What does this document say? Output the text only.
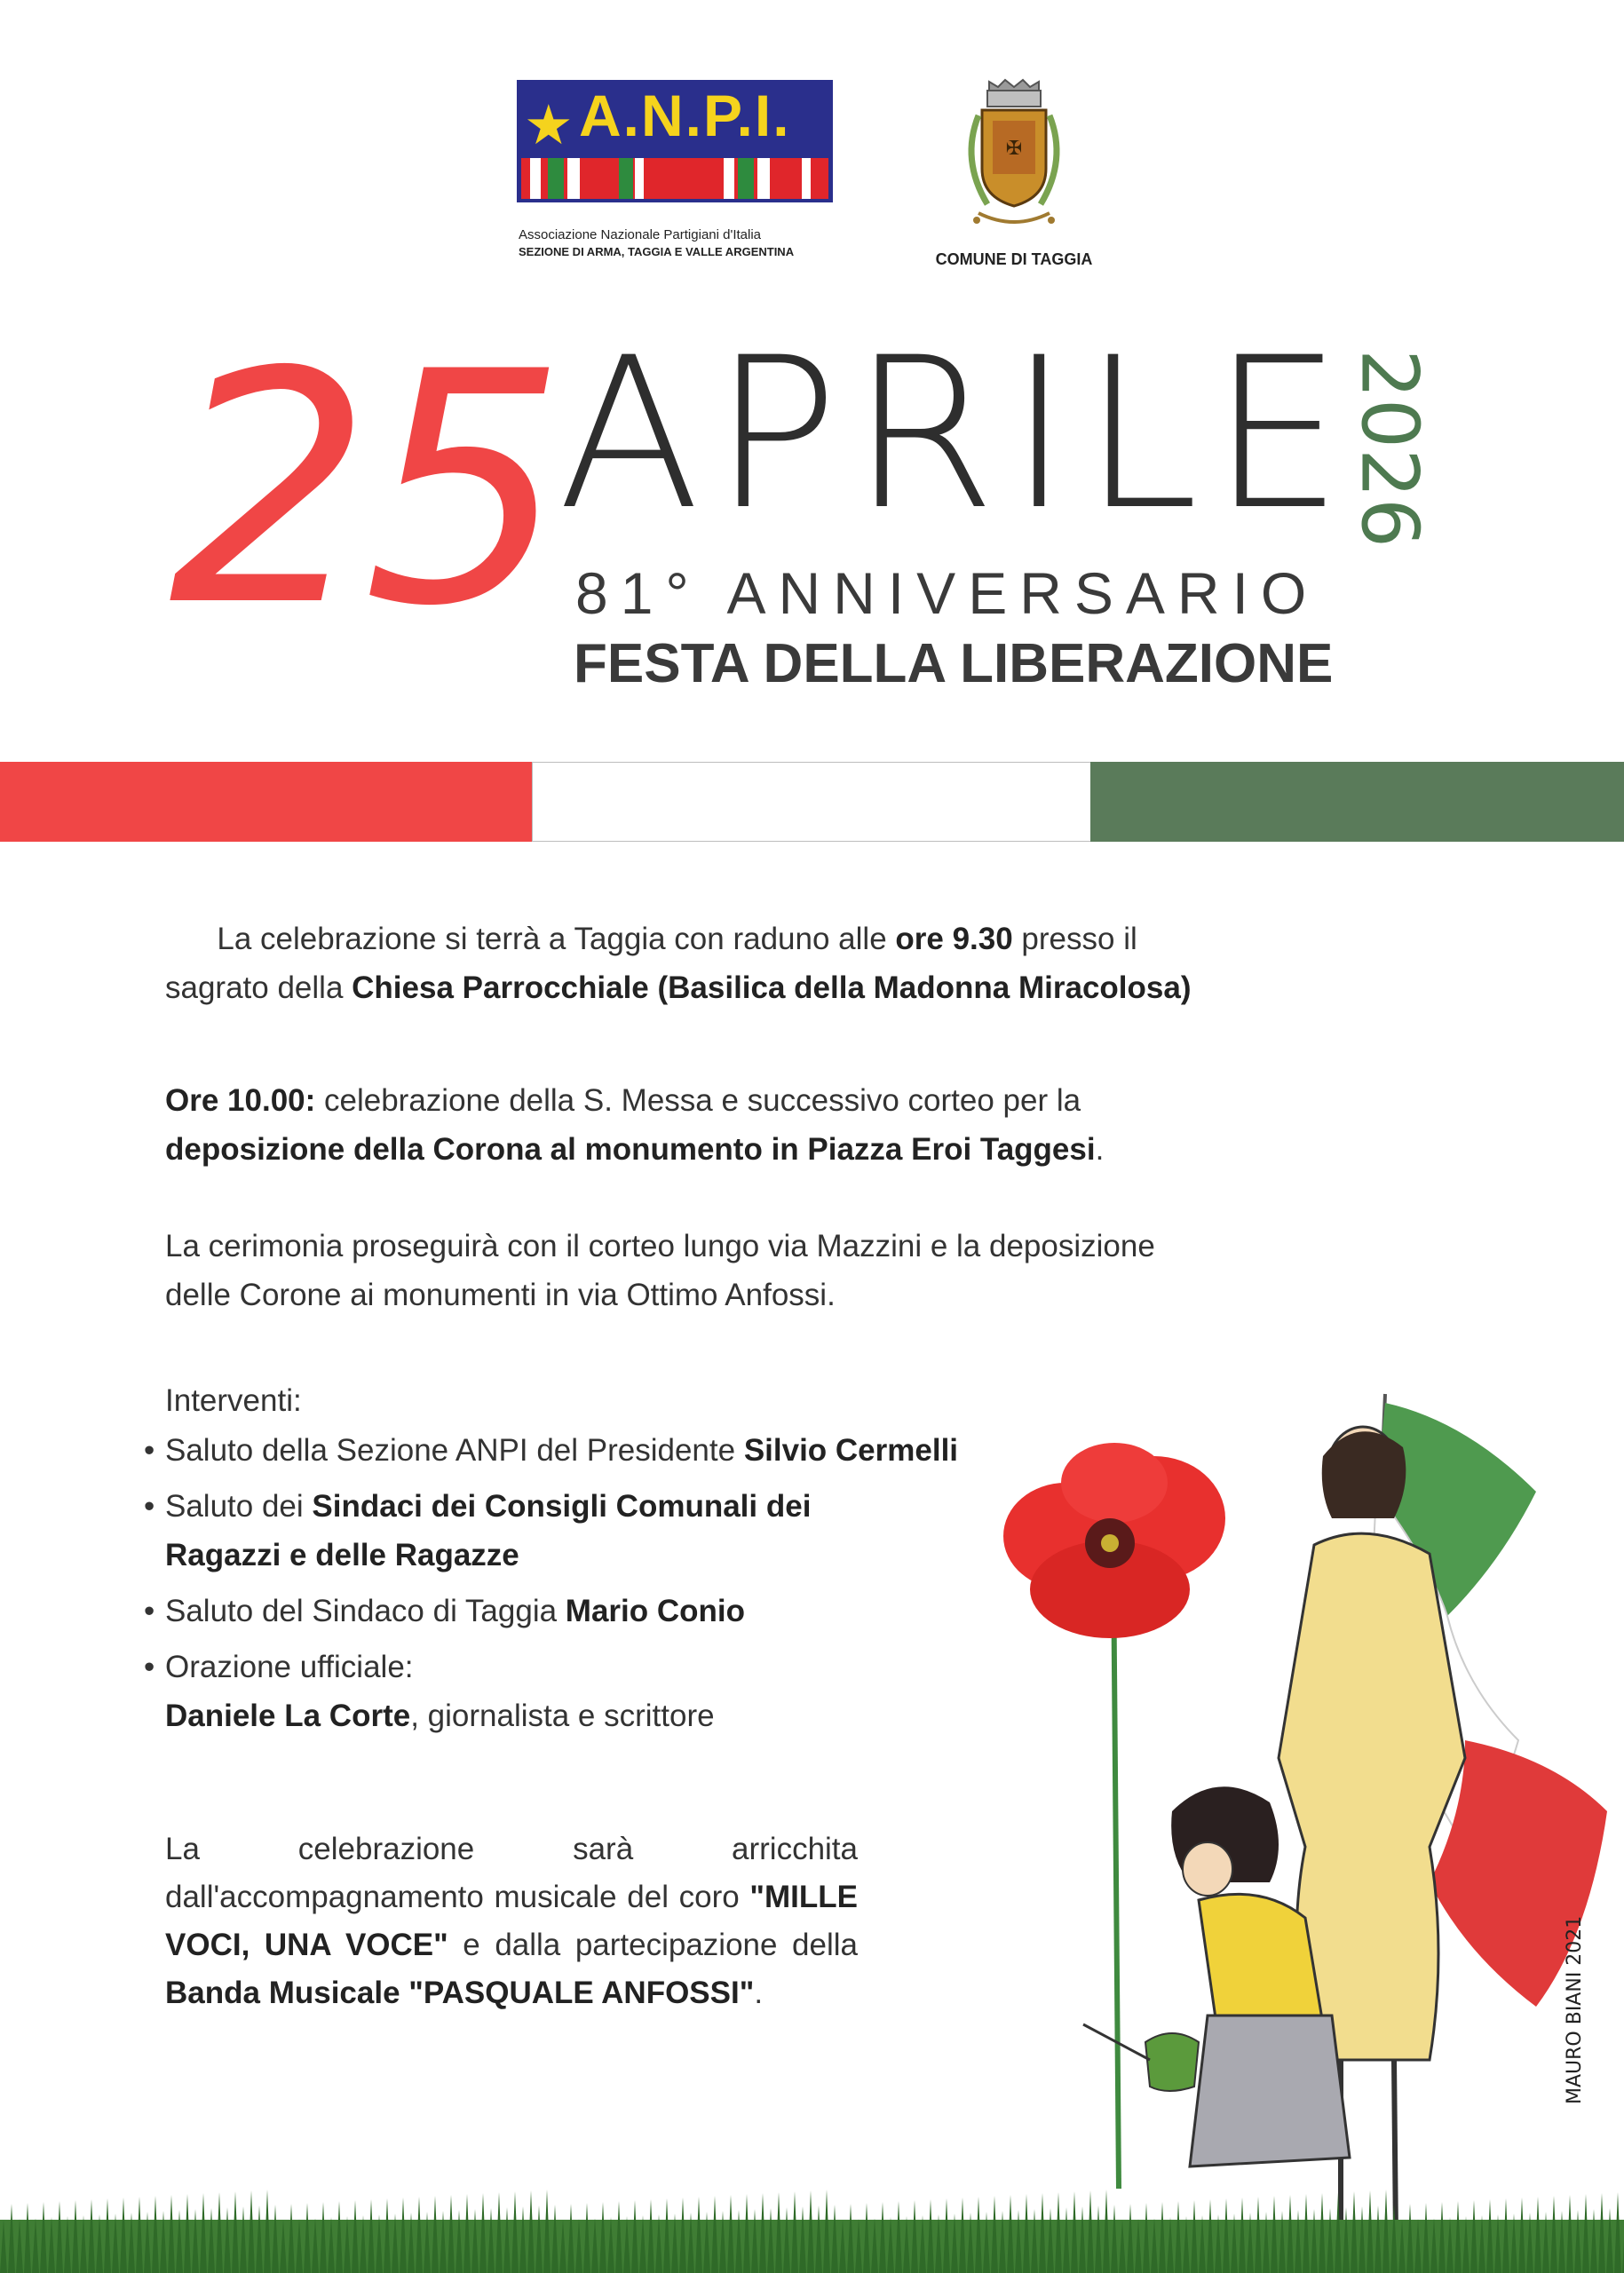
★ A.N.P.I.
Associazione Nazionale Partigiani d'Italia
SEZIONE DI ARMA, TAGGIA E VALLE ARGENTINA
✠
COMUNE DI TAGGIA
25 APRILE
2026
81° ANNIVERSARIO
FESTA DELLA LIBERAZIONE
La celebrazione si terrà a Taggia con raduno alle ore 9.30 presso il
sagrato della Chiesa Parrocchiale (Basilica della Madonna Miracolosa)
Ore 10.00: celebrazione della S. Messa e successivo corteo per la
deposizione della Corona al monumento in Piazza Eroi Taggesi.
La cerimonia proseguirà con il corteo lungo via Mazzini e la deposizione
delle Corone ai monumenti in via Ottimo Anfossi.
Interventi:
• Saluto della Sezione ANPI del Presidente Silvio Cermelli
• Saluto dei Sindaci dei Consigli Comunali dei
Ragazzi e delle Ragazze
• Saluto del Sindaco di Taggia Mario Conio
• Orazione ufficiale:
Daniele La Corte, giornalista e scrittore
La celebrazione sarà arricchita dall'accompagnamento musicale del coro "MILLE VOCI, UNA VOCE" e dalla partecipazione della Banda Musicale "PASQUALE ANFOSSI".	MAURO BIANI 2021
